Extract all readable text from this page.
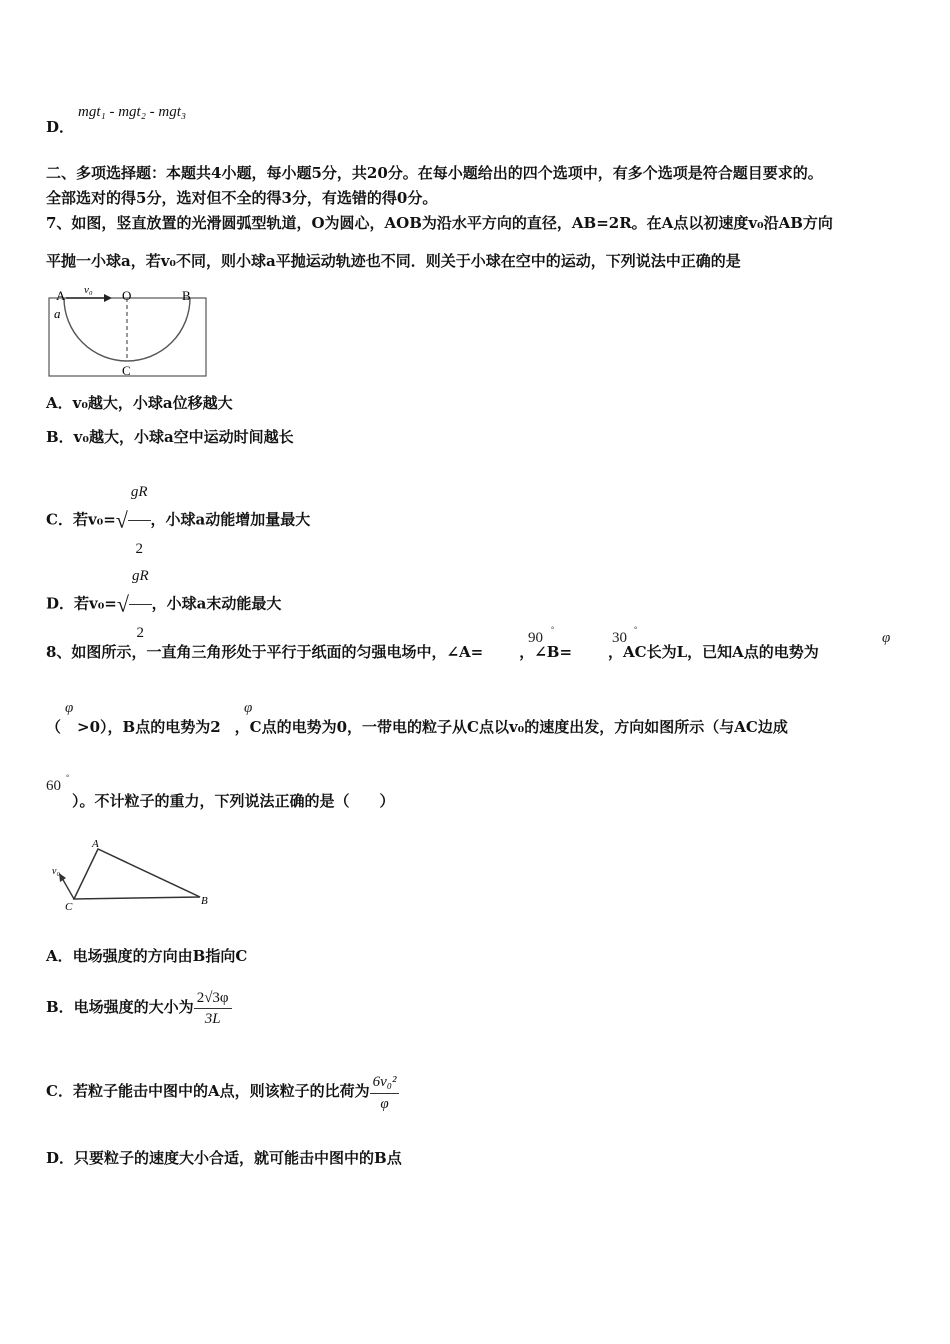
D．
mgt₁ - mgt₂ - mgt₃
二、多项选择题：本题共4小题，每小题5分，共20分。在每小题给出的四个选项中，有多个选项是符合题目要求的。
全部选对的得5分，选对但不全的得3分，有选错的得0分。
7、如图，竖直放置的光滑圆弧型轨道，O为圆心，AOB为沿水平方向的直径，AB=2R。在A点以初速度v₀沿AB方向
平抛一小球a，若v₀不同，则小球a平抛运动轨迹也不同．则关于小球在空中的运动，下列说法中正确的是
A v₀ O	B
a
C
A．v₀越大，小球a位移越大
B．v₀越大，小球a空中运动时间越长
C．若$v_0=√ \frac{gR}{2}$ ，小球a动能增加量最大
D．若$v_0=√ \frac{gR}{2}$ ，小球a末动能最大
8、如图所示，一直角三角形处于平行于纸面的匀强电场中，∠A= ，∠B= ，AC长为L，已知A点的电势为
90
°
30
°
φ
（ >0），B点的电势为2 ，C点的电势为0，一带电的粒子从C点以v₀的速度出发，方向如图所示（与AC边成
φ	φ
60
°
）。不计粒子的重力，下列说法正确的是（　　）
A
B
C
v₀
A．电场强度的方向由B指向C
B．电场强度的大小为 $\frac{2√3\varphi}{3L}$
C．若粒子能击中图中的A点，则该粒子的比荷为 $\frac{\text{6v₀²}}{\varphi}$
D．只要粒子的速度大小合适，就可能击中图中的B点
